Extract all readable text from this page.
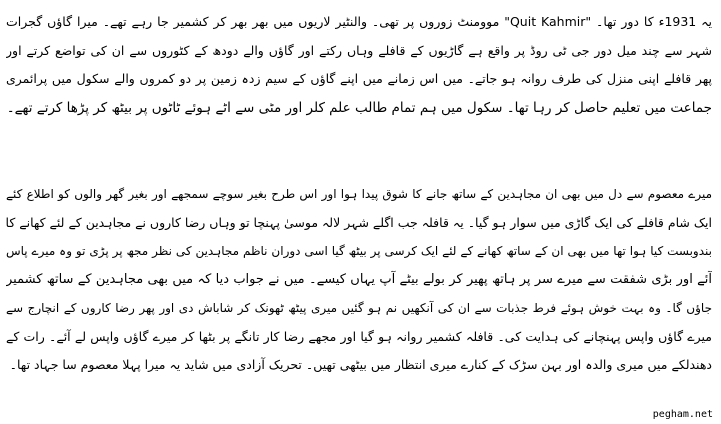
یہ 1931ء کا دور تھا۔ "Quit Kahmir" موومنٹ زوروں پر تھی۔ والنٹیر لاریوں میں بھر بھر کر کشمیر جا رہے تھے۔ میرا گاؤں گجرات
شہر سے چند میل دور جی ٹی روڈ پر واقع ہے گاڑیوں کے قافلے وہاں رکتے اور گاؤں والے دودھ کے کٹوروں سے ان کی تواضع کرتے اور
پھر قافلے اپنی منزل کی طرف روانہ ہو جاتے۔ میں اس زمانے میں اپنے گاؤں کے سیم زدہ زمین پر دو کمروں والے سکول میں پرائمری
جماعت میں تعلیم حاصل کر رہا تھا۔ سکول میں ہم تمام طالب علم کلر اور مٹی سے اٹے ہوئے ٹاٹوں پر بیٹھ کر پڑھا کرتے تھے۔
میرے معصوم سے دل میں بھی ان مجاہدین کے ساتھ جانے کا شوق پیدا ہوا اور اس طرح بغیر سوچے سمجھے اور بغیر گھر والوں کو اطلاع کئے
ایک شام قافلے کی ایک گاڑی میں سوار ہو گیا۔ یہ قافلہ جب اگلے شہر لالہ موسیٰ پہنچا تو وہاں رضا کاروں نے مجاہدین کے لئے کھانے کا
بندوبست کیا ہوا تھا میں بھی ان کے ساتھ کھانے کے لئے ایک کرسی پر بیٹھ گیا اسی دوران ناظم مجاہدین کی نظر مجھ پر پڑی تو وہ میرے پاس
آئے اور بڑی شفقت سے میرے سر پر ہاتھ پھیر کر بولے بیٹے آپ یہاں کیسے۔ میں نے جواب دیا کہ میں بھی مجاہدین کے ساتھ کشمیر
جاؤں گا۔ وہ بہت خوش ہوئے فرط جذبات سے ان کی آنکھیں نم ہو گئیں میری پیٹھ ٹھونک کر شاباش دی اور پھر رضا کاروں کے انچارج سے
میرے گاؤں واپس پہنچانے کی ہدایت کی۔ قافلہ کشمیر روانہ ہو گیا اور مجھے رضا کار تانگے پر بٹھا کر میرے گاؤں واپس لے آئے۔ رات کے
دھندلکے میں میری والدہ اور بہن سڑک کے کنارے میری انتظار میں بیٹھی تھیں۔ تحریک آزادی میں شاید یہ میرا پہلا معصوم سا جہاد تھا۔
pegham.net
